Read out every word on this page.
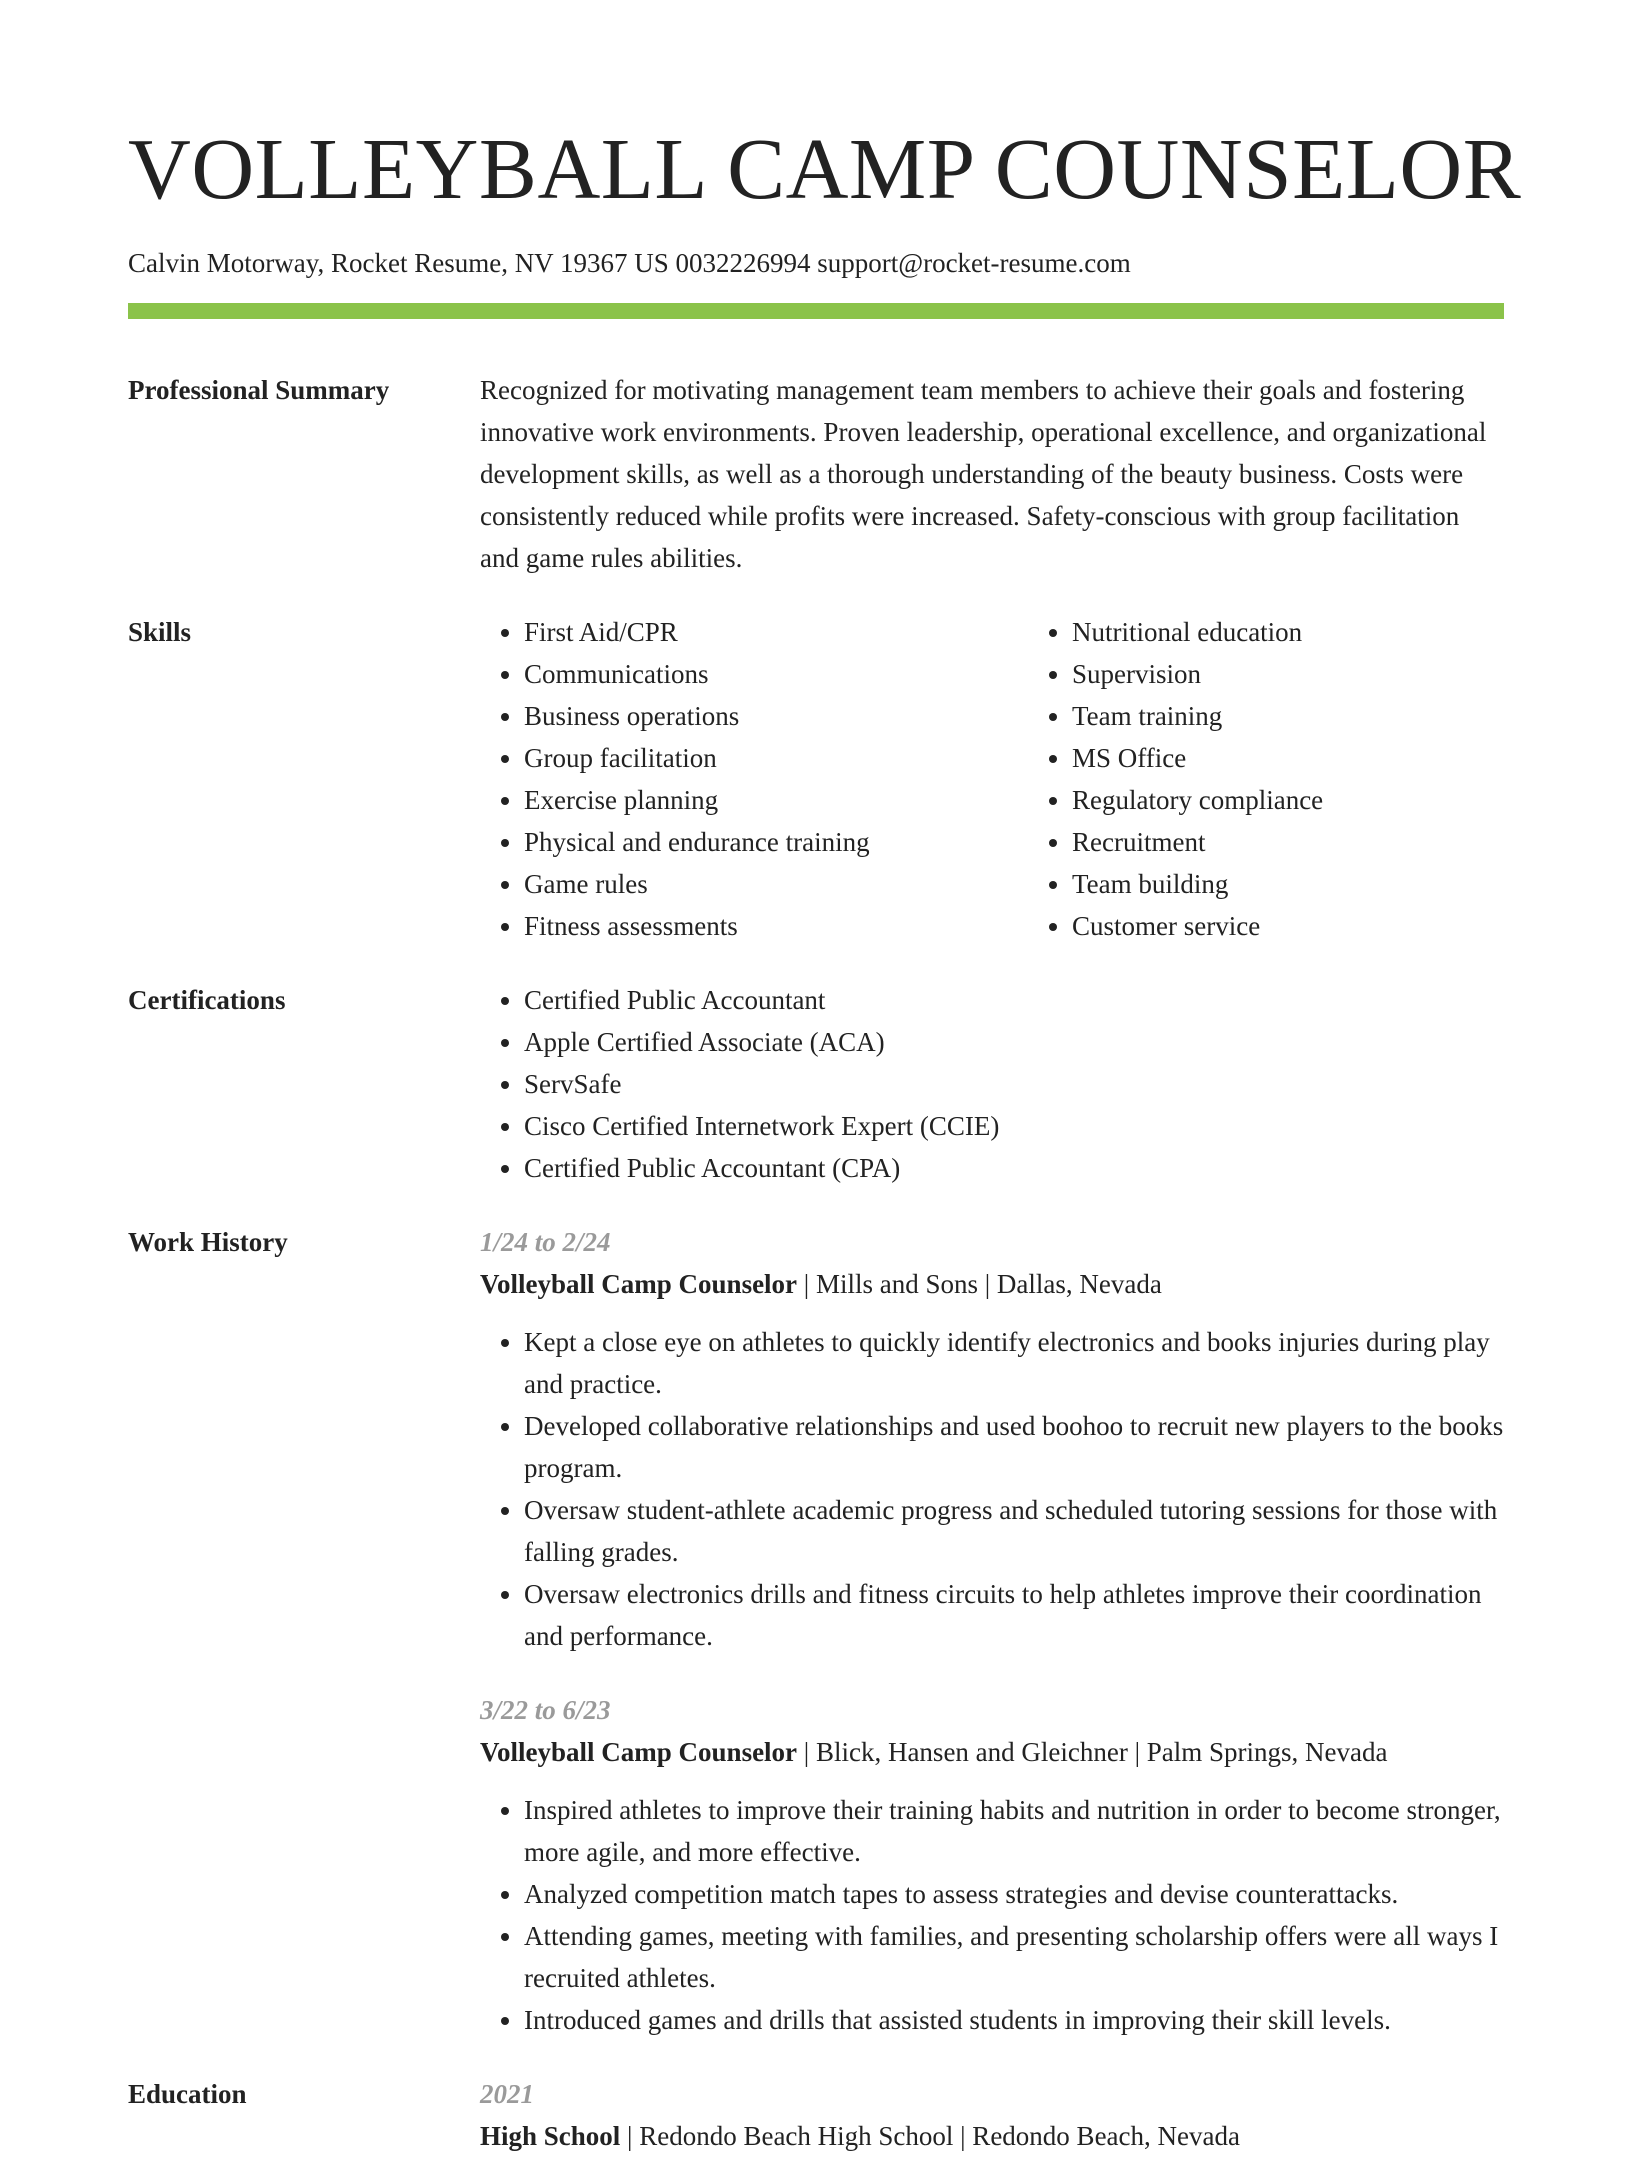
VOLLEYBALL CAMP COUNSELOR
Calvin Motorway, Rocket Resume, NV 19367 US 0032226994 support@rocket-resume.com
Professional Summary	Recognized for motivating management team members to achieve their goals and fostering innovative work environments. Proven leadership, operational excellence, and organizational development skills, as well as a thorough understanding of the beauty business. Costs were consistently reduced while profits were increased. Safety-conscious with group facilitation and game rules abilities.
Skills	• First Aid/CPR
• Communications
• Business operations
• Group facilitation
• Exercise planning
• Physical and endurance training
• Game rules
• Fitness assessments
• Nutritional education
• Supervision
• Team training
• MS Office
• Regulatory compliance
• Recruitment
• Team building
• Customer service
Certifications	• Certified Public Accountant
• Apple Certified Associate (ACA)
• ServSafe
• Cisco Certified Internetwork Expert (CCIE)
• Certified Public Accountant (CPA)
Work History	1/24 to 2/24
Volleyball Camp Counselor | Mills and Sons | Dallas, Nevada
• Kept a close eye on athletes to quickly identify electronics and books injuries during play and practice.
• Developed collaborative relationships and used boohoo to recruit new players to the books program.
• Oversaw student-athlete academic progress and scheduled tutoring sessions for those with falling grades.
• Oversaw electronics drills and fitness circuits to help athletes improve their coordination and performance.
3/22 to 6/23
Volleyball Camp Counselor | Blick, Hansen and Gleichner | Palm Springs, Nevada
• Inspired athletes to improve their training habits and nutrition in order to become stronger, more agile, and more effective.
• Analyzed competition match tapes to assess strategies and devise counterattacks.
• Attending games, meeting with families, and presenting scholarship offers were all ways I recruited athletes.
• Introduced games and drills that assisted students in improving their skill levels.
Education	2021
High School | Redondo Beach High School | Redondo Beach, Nevada
